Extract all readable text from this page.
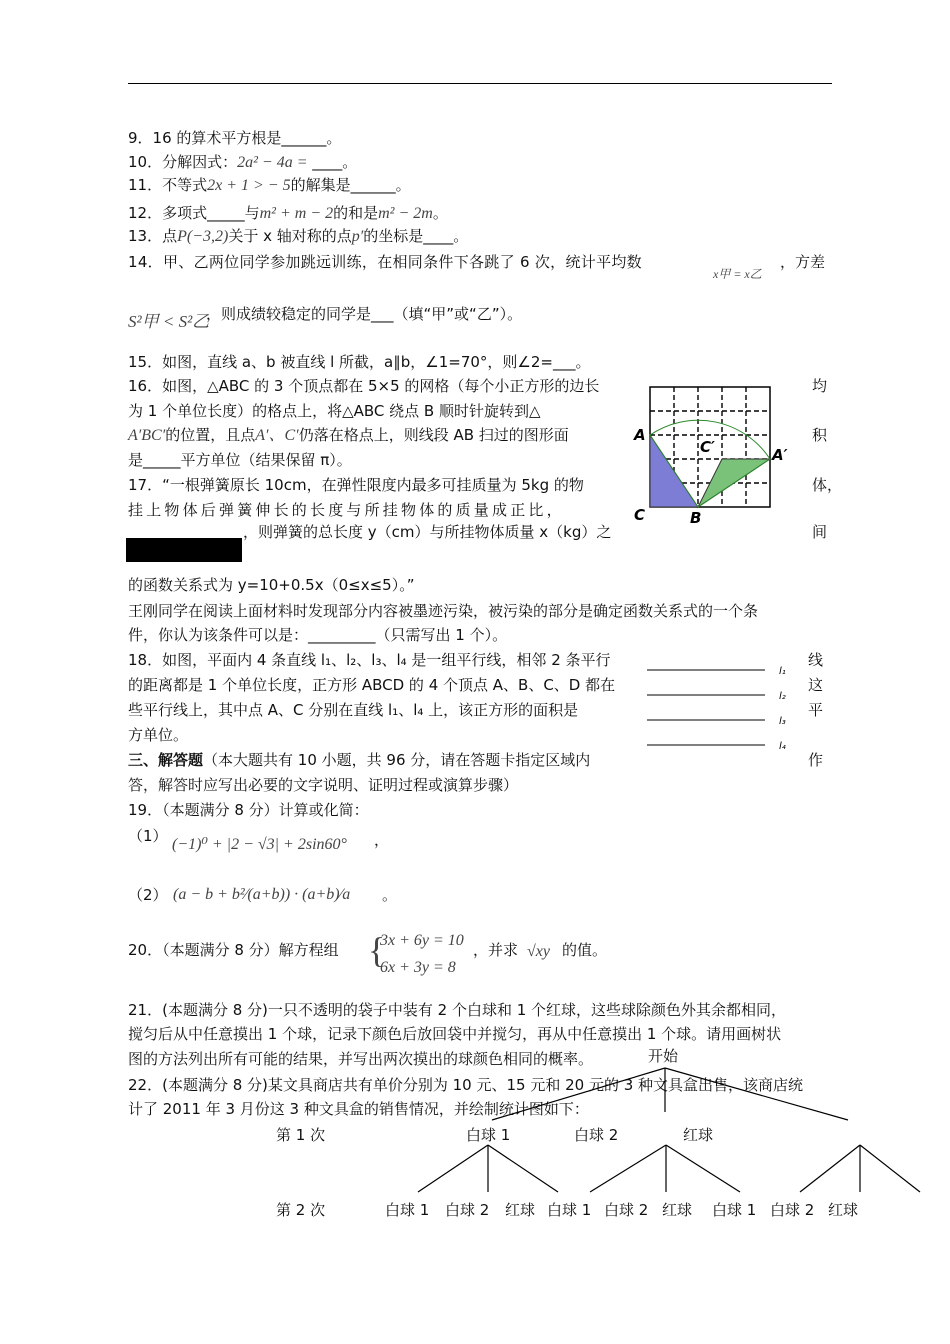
9．16 的算术平方根是______。
10．分解因式：2a² − 4a = ____。
11．不等式2x + 1 > − 5的解集是______。
12．多项式_____与m² + m − 2的和是m² − 2m。
13．点P(−3,2)关于 x 轴对称的点p′的坐标是____。
14．甲、乙两位同学参加跳远训练，在相同条件下各跳了 6 次，统计平均数
x甲 = x乙
，方差
S²甲 < S²乙
，则成绩较稳定的同学是___（填“甲”或“乙”）。
15．如图，直线 a、b 被直线 l 所截，a∥b，∠1=70°，则∠2=___。
16．如图，△ABC 的 3 个顶点都在 5×5 的网格（每个小正方形的边长
为 1 个单位长度）的格点上，将△ABC 绕点 B 顺时针旋转到△
A′BC′的位置，且点A′、C′仍落在格点上，则线段 AB 扫过的图形面
是_____平方单位（结果保留 π）。
均
积
17．“一根弹簧原长 10cm，在弹性限度内最多可挂质量为 5kg 的物
挂上物体后弹簧伸长的长度与所挂物体的质量成正比，
，则弹簧的总长度 y（cm）与所挂物体质量 x（kg）之
体，
间
的函数关系式为 y=10+0.5x（0≤x≤5）。”
王刚同学在阅读上面材料时发现部分内容被墨迹污染，被污染的部分是确定函数关系式的一个条
件，你认为该条件可以是：_________（只需写出 1 个）。
A
C′	A′
C	B
18．如图，平面内 4 条直线 l₁、l₂、l₃、l₄ 是一组平行线，相邻 2 条平行
的距离都是 1 个单位长度，正方形 ABCD 的 4 个顶点 A、B、C、D 都在
些平行线上，其中点 A、C 分别在直线 l₁、l₄ 上，该正方形的面积是
方单位。
线
这
平
作
l₁
l₂
l₃
l₄
三、解答题（本大题共有 10 小题，共 96 分，请在答题卡指定区域内
答，解答时应写出必要的文字说明、证明过程或演算步骤）
19．（本题满分 8 分）计算或化简：
（1） (−1)⁰ + |2 − √3| + 2sin60° ，
（2） (a − b + b²⁄(a+b)) · (a+b)⁄a 。
20．（本题满分 8 分）解方程组 {
3x + 6y = 10
6x + 3y = 8
，并求 √xy 的值。
21．(本题满分 8 分)一只不透明的袋子中装有 2 个白球和 1 个红球，这些球除颜色外其余都相同，
搅匀后从中任意摸出 1 个球，记录下颜色后放回袋中并搅匀，再从中任意摸出 1 个球。请用画树状
图的方法列出所有可能的结果，并写出两次摸出的球颜色相同的概率。
22．(本题满分 8 分)某文具商店共有单价分别为 10 元、15 元和 20 元的 3 种文具盒出售，该商店统
计了 2011 年 3 月份这 3 种文具盒的销售情况，并绘制统计图如下：
开始
第 1 次	白球 1	白球 2	红球
第 2 次	白球 1 白球 2 红球 白球 1 白球 2 红球 白球 1 白球 2 红球
